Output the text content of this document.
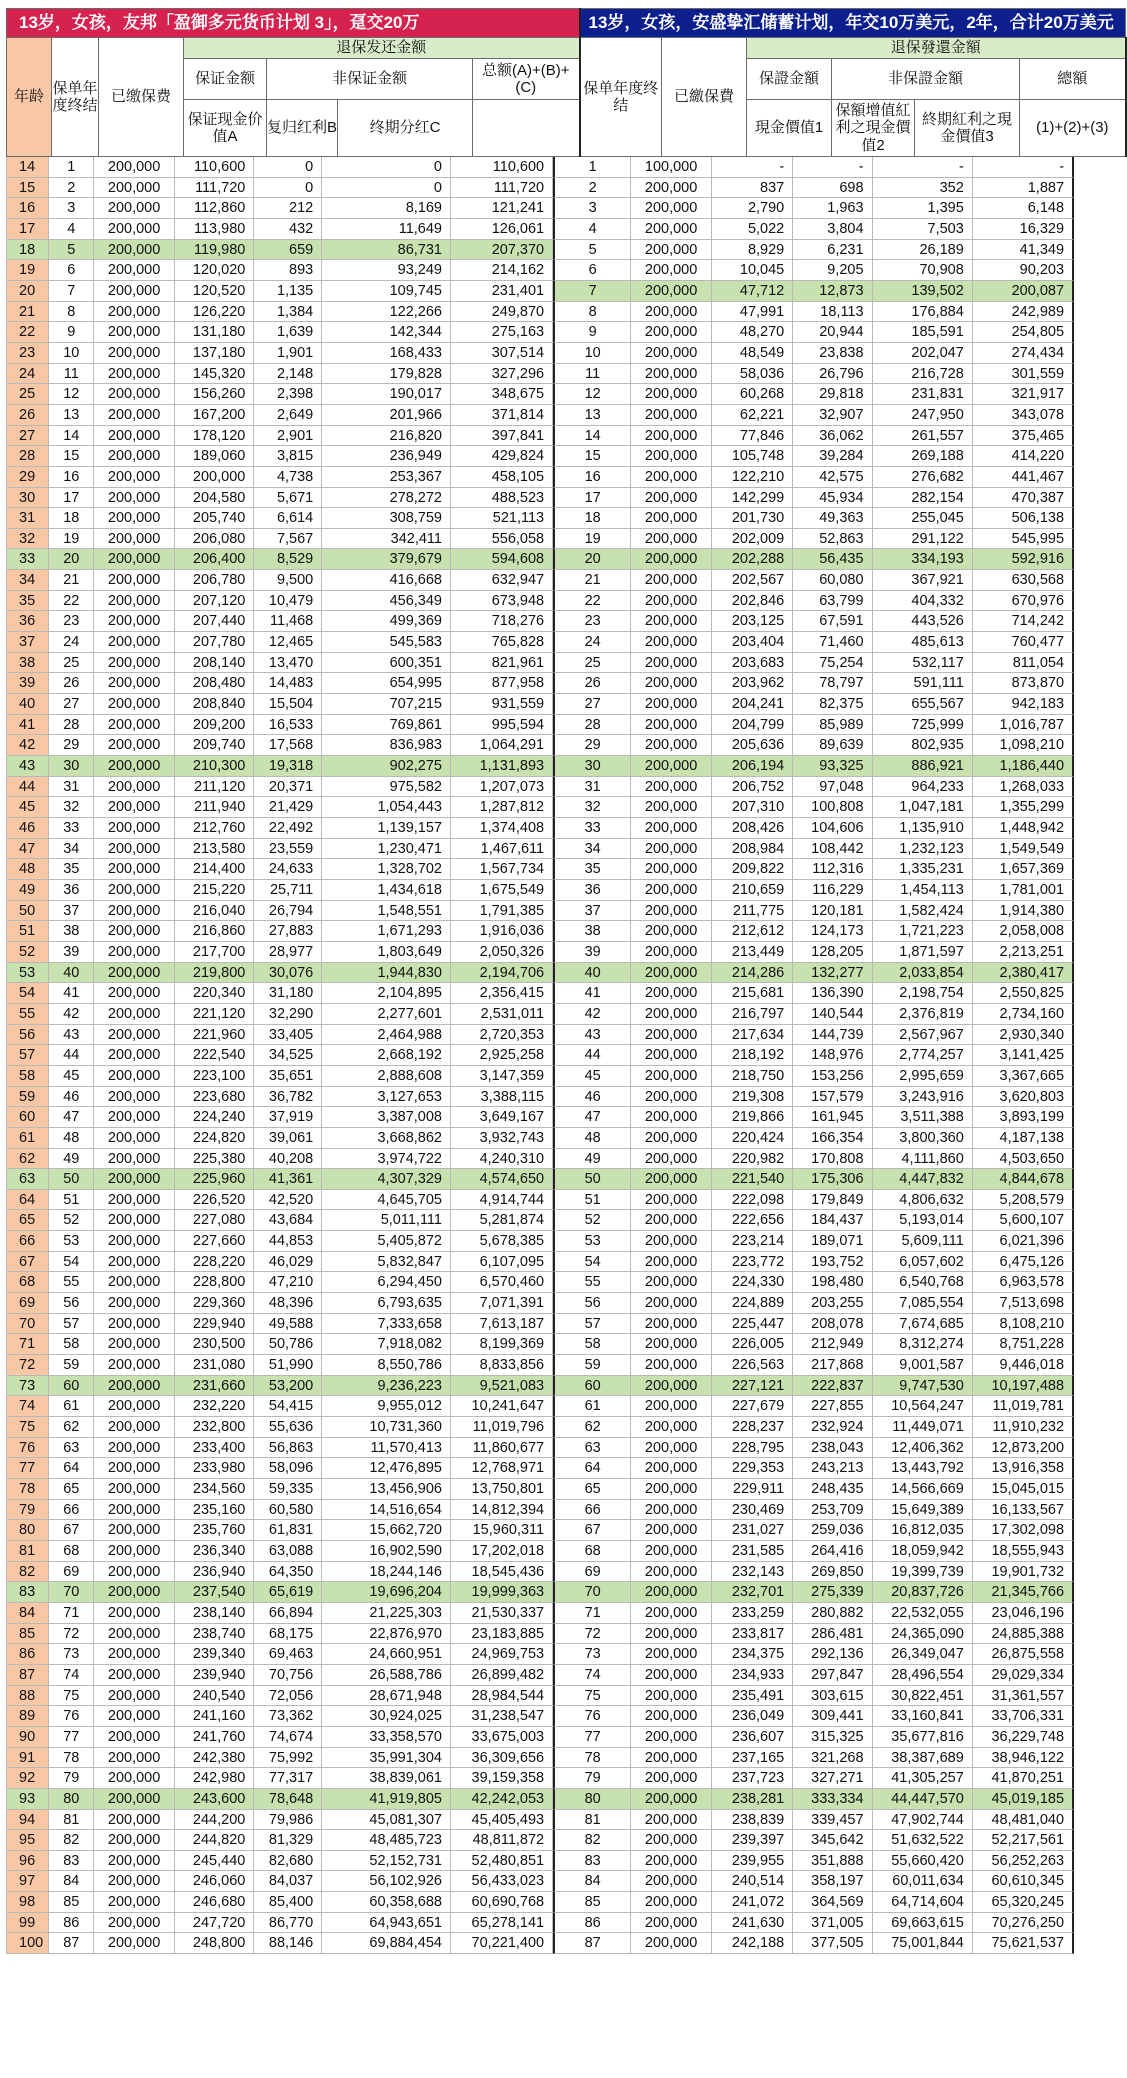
13岁，女孩，友邦「盈御多元货币计划 3」，趸交20万							13岁，女孩，安盛挚汇储蓄计划，年交10万美元，2年，合计20万美元					
年龄	保单年度终结	已缴保费	退保发还金额				保单年度终结	已繳保費	退保發還金額			
			保证金额	非保证金额		总额(A)+(B)+(C)			保證金額	非保證金額		總額
			保证现金价值A	复归红利B	终期分红C				現金價值1	保額增值紅利之現金價值2	終期紅利之現金價值3	(1)+(2)+(3)
14	1	200,000	110,600	0	0	110,600	1	100,000	-	-	-	-
15	2	200,000	111,720	0	0	111,720	2	200,000	837	698	352	1,887
16	3	200,000	112,860	212	8,169	121,241	3	200,000	2,790	1,963	1,395	6,148
17	4	200,000	113,980	432	11,649	126,061	4	200,000	5,022	3,804	7,503	16,329
18	5	200,000	119,980	659	86,731	207,370	5	200,000	8,929	6,231	26,189	41,349
19	6	200,000	120,020	893	93,249	214,162	6	200,000	10,045	9,205	70,908	90,203
20	7	200,000	120,520	1,135	109,745	231,401	7	200,000	47,712	12,873	139,502	200,087
21	8	200,000	126,220	1,384	122,266	249,870	8	200,000	47,991	18,113	176,884	242,989
22	9	200,000	131,180	1,639	142,344	275,163	9	200,000	48,270	20,944	185,591	254,805
23	10	200,000	137,180	1,901	168,433	307,514	10	200,000	48,549	23,838	202,047	274,434
24	11	200,000	145,320	2,148	179,828	327,296	11	200,000	58,036	26,796	216,728	301,559
25	12	200,000	156,260	2,398	190,017	348,675	12	200,000	60,268	29,818	231,831	321,917
26	13	200,000	167,200	2,649	201,966	371,814	13	200,000	62,221	32,907	247,950	343,078
27	14	200,000	178,120	2,901	216,820	397,841	14	200,000	77,846	36,062	261,557	375,465
28	15	200,000	189,060	3,815	236,949	429,824	15	200,000	105,748	39,284	269,188	414,220
29	16	200,000	200,000	4,738	253,367	458,105	16	200,000	122,210	42,575	276,682	441,467
30	17	200,000	204,580	5,671	278,272	488,523	17	200,000	142,299	45,934	282,154	470,387
31	18	200,000	205,740	6,614	308,759	521,113	18	200,000	201,730	49,363	255,045	506,138
32	19	200,000	206,080	7,567	342,411	556,058	19	200,000	202,009	52,863	291,122	545,995
33	20	200,000	206,400	8,529	379,679	594,608	20	200,000	202,288	56,435	334,193	592,916
34	21	200,000	206,780	9,500	416,668	632,947	21	200,000	202,567	60,080	367,921	630,568
35	22	200,000	207,120	10,479	456,349	673,948	22	200,000	202,846	63,799	404,332	670,976
36	23	200,000	207,440	11,468	499,369	718,276	23	200,000	203,125	67,591	443,526	714,242
37	24	200,000	207,780	12,465	545,583	765,828	24	200,000	203,404	71,460	485,613	760,477
38	25	200,000	208,140	13,470	600,351	821,961	25	200,000	203,683	75,254	532,117	811,054
39	26	200,000	208,480	14,483	654,995	877,958	26	200,000	203,962	78,797	591,111	873,870
40	27	200,000	208,840	15,504	707,215	931,559	27	200,000	204,241	82,375	655,567	942,183
41	28	200,000	209,200	16,533	769,861	995,594	28	200,000	204,799	85,989	725,999	1,016,787
42	29	200,000	209,740	17,568	836,983	1,064,291	29	200,000	205,636	89,639	802,935	1,098,210
43	30	200,000	210,300	19,318	902,275	1,131,893	30	200,000	206,194	93,325	886,921	1,186,440
44	31	200,000	211,120	20,371	975,582	1,207,073	31	200,000	206,752	97,048	964,233	1,268,033
45	32	200,000	211,940	21,429	1,054,443	1,287,812	32	200,000	207,310	100,808	1,047,181	1,355,299
46	33	200,000	212,760	22,492	1,139,157	1,374,408	33	200,000	208,426	104,606	1,135,910	1,448,942
47	34	200,000	213,580	23,559	1,230,471	1,467,611	34	200,000	208,984	108,442	1,232,123	1,549,549
48	35	200,000	214,400	24,633	1,328,702	1,567,734	35	200,000	209,822	112,316	1,335,231	1,657,369
49	36	200,000	215,220	25,711	1,434,618	1,675,549	36	200,000	210,659	116,229	1,454,113	1,781,001
50	37	200,000	216,040	26,794	1,548,551	1,791,385	37	200,000	211,775	120,181	1,582,424	1,914,380
51	38	200,000	216,860	27,883	1,671,293	1,916,036	38	200,000	212,612	124,173	1,721,223	2,058,008
52	39	200,000	217,700	28,977	1,803,649	2,050,326	39	200,000	213,449	128,205	1,871,597	2,213,251
53	40	200,000	219,800	30,076	1,944,830	2,194,706	40	200,000	214,286	132,277	2,033,854	2,380,417
54	41	200,000	220,340	31,180	2,104,895	2,356,415	41	200,000	215,681	136,390	2,198,754	2,550,825
55	42	200,000	221,120	32,290	2,277,601	2,531,011	42	200,000	216,797	140,544	2,376,819	2,734,160
56	43	200,000	221,960	33,405	2,464,988	2,720,353	43	200,000	217,634	144,739	2,567,967	2,930,340
57	44	200,000	222,540	34,525	2,668,192	2,925,258	44	200,000	218,192	148,976	2,774,257	3,141,425
58	45	200,000	223,100	35,651	2,888,608	3,147,359	45	200,000	218,750	153,256	2,995,659	3,367,665
59	46	200,000	223,680	36,782	3,127,653	3,388,115	46	200,000	219,308	157,579	3,243,916	3,620,803
60	47	200,000	224,240	37,919	3,387,008	3,649,167	47	200,000	219,866	161,945	3,511,388	3,893,199
61	48	200,000	224,820	39,061	3,668,862	3,932,743	48	200,000	220,424	166,354	3,800,360	4,187,138
62	49	200,000	225,380	40,208	3,974,722	4,240,310	49	200,000	220,982	170,808	4,111,860	4,503,650
63	50	200,000	225,960	41,361	4,307,329	4,574,650	50	200,000	221,540	175,306	4,447,832	4,844,678
64	51	200,000	226,520	42,520	4,645,705	4,914,744	51	200,000	222,098	179,849	4,806,632	5,208,579
65	52	200,000	227,080	43,684	5,011,111	5,281,874	52	200,000	222,656	184,437	5,193,014	5,600,107
66	53	200,000	227,660	44,853	5,405,872	5,678,385	53	200,000	223,214	189,071	5,609,111	6,021,396
67	54	200,000	228,220	46,029	5,832,847	6,107,095	54	200,000	223,772	193,752	6,057,602	6,475,126
68	55	200,000	228,800	47,210	6,294,450	6,570,460	55	200,000	224,330	198,480	6,540,768	6,963,578
69	56	200,000	229,360	48,396	6,793,635	7,071,391	56	200,000	224,889	203,255	7,085,554	7,513,698
70	57	200,000	229,940	49,588	7,333,658	7,613,187	57	200,000	225,447	208,078	7,674,685	8,108,210
71	58	200,000	230,500	50,786	7,918,082	8,199,369	58	200,000	226,005	212,949	8,312,274	8,751,228
72	59	200,000	231,080	51,990	8,550,786	8,833,856	59	200,000	226,563	217,868	9,001,587	9,446,018
73	60	200,000	231,660	53,200	9,236,223	9,521,083	60	200,000	227,121	222,837	9,747,530	10,197,488
74	61	200,000	232,220	54,415	9,955,012	10,241,647	61	200,000	227,679	227,855	10,564,247	11,019,781
75	62	200,000	232,800	55,636	10,731,360	11,019,796	62	200,000	228,237	232,924	11,449,071	11,910,232
76	63	200,000	233,400	56,863	11,570,413	11,860,677	63	200,000	228,795	238,043	12,406,362	12,873,200
77	64	200,000	233,980	58,096	12,476,895	12,768,971	64	200,000	229,353	243,213	13,443,792	13,916,358
78	65	200,000	234,560	59,335	13,456,906	13,750,801	65	200,000	229,911	248,435	14,566,669	15,045,015
79	66	200,000	235,160	60,580	14,516,654	14,812,394	66	200,000	230,469	253,709	15,649,389	16,133,567
80	67	200,000	235,760	61,831	15,662,720	15,960,311	67	200,000	231,027	259,036	16,812,035	17,302,098
81	68	200,000	236,340	63,088	16,902,590	17,202,018	68	200,000	231,585	264,416	18,059,942	18,555,943
82	69	200,000	236,940	64,350	18,244,146	18,545,436	69	200,000	232,143	269,850	19,399,739	19,901,732
83	70	200,000	237,540	65,619	19,696,204	19,999,363	70	200,000	232,701	275,339	20,837,726	21,345,766
84	71	200,000	238,140	66,894	21,225,303	21,530,337	71	200,000	233,259	280,882	22,532,055	23,046,196
85	72	200,000	238,740	68,175	22,876,970	23,183,885	72	200,000	233,817	286,481	24,365,090	24,885,388
86	73	200,000	239,340	69,463	24,660,951	24,969,753	73	200,000	234,375	292,136	26,349,047	26,875,558
87	74	200,000	239,940	70,756	26,588,786	26,899,482	74	200,000	234,933	297,847	28,496,554	29,029,334
88	75	200,000	240,540	72,056	28,671,948	28,984,544	75	200,000	235,491	303,615	30,822,451	31,361,557
89	76	200,000	241,160	73,362	30,924,025	31,238,547	76	200,000	236,049	309,441	33,160,841	33,706,331
90	77	200,000	241,760	74,674	33,358,570	33,675,003	77	200,000	236,607	315,325	35,677,816	36,229,748
91	78	200,000	242,380	75,992	35,991,304	36,309,656	78	200,000	237,165	321,268	38,387,689	38,946,122
92	79	200,000	242,980	77,317	38,839,061	39,159,358	79	200,000	237,723	327,271	41,305,257	41,870,251
93	80	200,000	243,600	78,648	41,919,805	42,242,053	80	200,000	238,281	333,334	44,447,570	45,019,185
94	81	200,000	244,200	79,986	45,081,307	45,405,493	81	200,000	238,839	339,457	47,902,744	48,481,040
95	82	200,000	244,820	81,329	48,485,723	48,811,872	82	200,000	239,397	345,642	51,632,522	52,217,561
96	83	200,000	245,440	82,680	52,152,731	52,480,851	83	200,000	239,955	351,888	55,660,420	56,252,263
97	84	200,000	246,060	84,037	56,102,926	56,433,023	84	200,000	240,514	358,197	60,011,634	60,610,345
98	85	200,000	246,680	85,400	60,358,688	60,690,768	85	200,000	241,072	364,569	64,714,604	65,320,245
99	86	200,000	247,720	86,770	64,943,651	65,278,141	86	200,000	241,630	371,005	69,663,615	70,276,250
100	87	200,000	248,800	88,146	69,884,454	70,221,400	87	200,000	242,188	377,505	75,001,844	75,621,537
